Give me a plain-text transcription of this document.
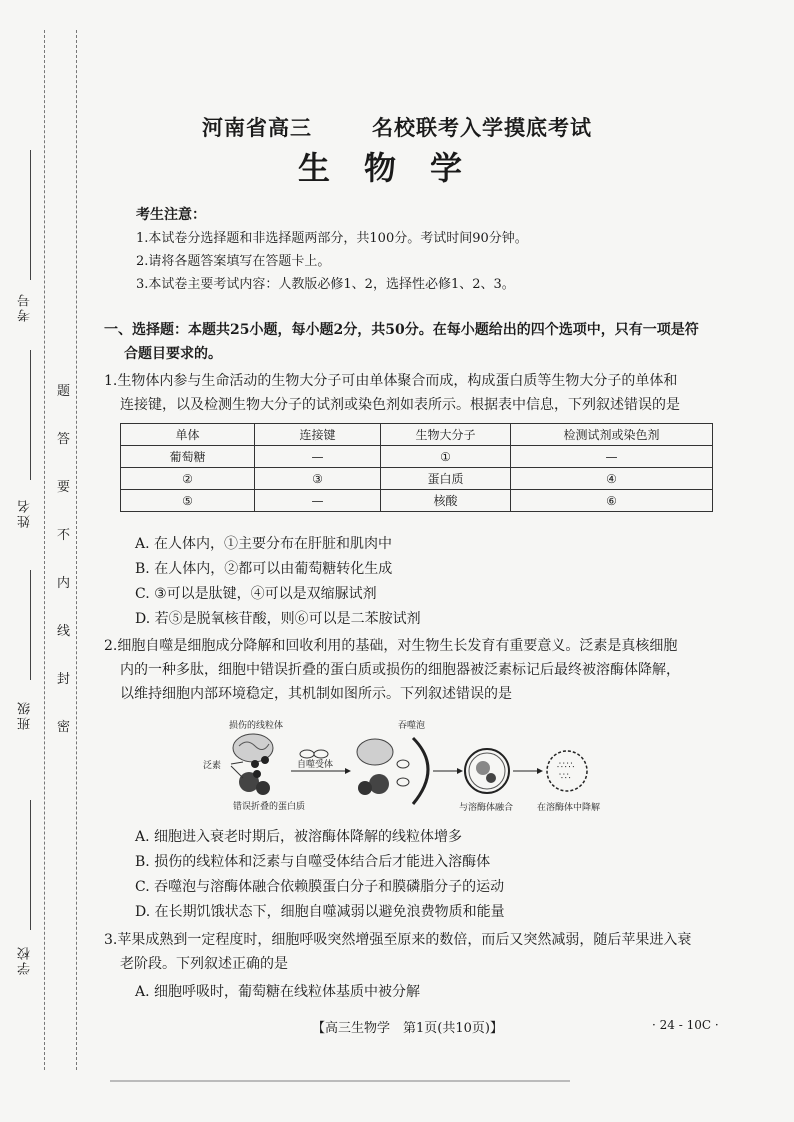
考号
姓名
班级
学校
题
答
要
不
内
线
封
密
河南省高三	名校联考入学摸底考试
生物学
考生注意：
1.本试卷分选择题和非选择题两部分，共100分。考试时间90分钟。
2.请将各题答案填写在答题卡上。
3.本试卷主要考试内容：人教版必修1、2，选择性必修1、2、3。
一、选择题：本题共25小题，每小题2分，共50分。在每小题给出的四个选项中，只有一项是符
合题目要求的。
1.生物体内参与生命活动的生物大分子可由单体聚合而成，构成蛋白质等生物大分子的单体和
连接键，以及检测生物大分子的试剂或染色剂如表所示。根据表中信息，下列叙述错误的是
单体	连接键	生物大分子	检测试剂或染色剂
葡萄糖	—	①	—
②	③	蛋白质	④
⑤	—	核酸	⑥
A. 在人体内，①主要分布在肝脏和肌肉中
B. 在人体内，②都可以由葡萄糖转化生成
C. ③可以是肽键，④可以是双缩脲试剂
D. 若⑤是脱氧核苷酸，则⑥可以是二苯胺试剂
2.细胞自噬是细胞成分降解和回收利用的基础，对生物生长发育有重要意义。泛素是真核细胞
内的一种多肽，细胞中错误折叠的蛋白质或损伤的细胞器被泛素标记后最终被溶酶体降解，
以维持细胞内部环境稳定，其机制如图所示。下列叙述错误的是
损伤的线粒体
泛素
错误折叠的蛋白质
自噬受体
吞噬泡
与溶酶体融合
∴∵∴
∵∴
在溶酶体中降解
A. 细胞进入衰老时期后，被溶酶体降解的线粒体增多
B. 损伤的线粒体和泛素与自噬受体结合后才能进入溶酶体
C. 吞噬泡与溶酶体融合依赖膜蛋白分子和膜磷脂分子的运动
D. 在长期饥饿状态下，细胞自噬减弱以避免浪费物质和能量
3.苹果成熟到一定程度时，细胞呼吸突然增强至原来的数倍，而后又突然减弱，随后苹果进入衰
老阶段。下列叙述正确的是
A. 细胞呼吸时，葡萄糖在线粒体基质中被分解
【高三生物学　第1页(共10页)】	· 24 - 10C ·
